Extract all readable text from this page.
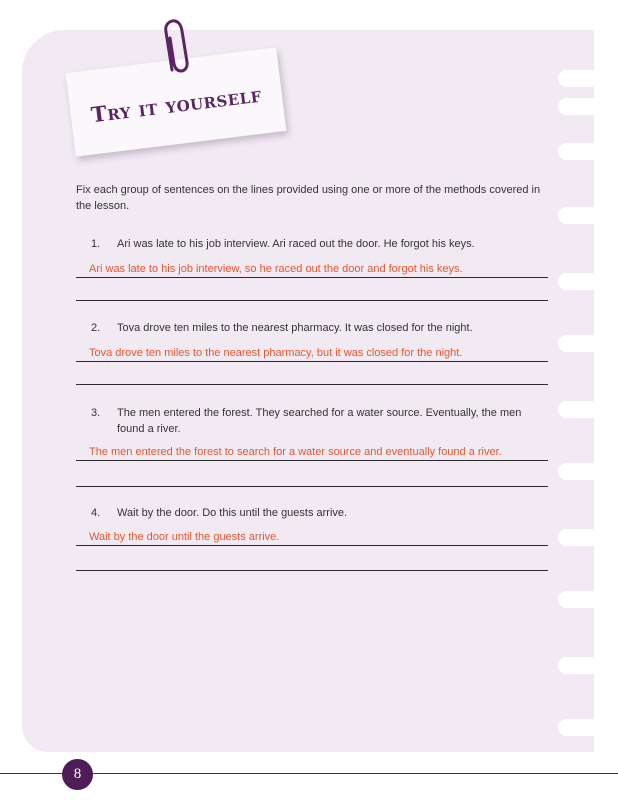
Try it yourself
Fix each group of sentences on the lines provided using one or more of the methods covered in the lesson.
1. Ari was late to his job interview. Ari raced out the door. He forgot his keys.
Ari was late to his job interview, so he raced out the door and forgot his keys.
2. Tova drove ten miles to the nearest pharmacy. It was closed for the night.
Tova drove ten miles to the nearest pharmacy, but it was closed for the night.
3. The men entered the forest. They searched for a water source. Eventually, the men found a river.
The men entered the forest to search for a water source and eventually found a river.
4. Wait by the door. Do this until the guests arrive.
Wait by the door until the guests arrive.
8
